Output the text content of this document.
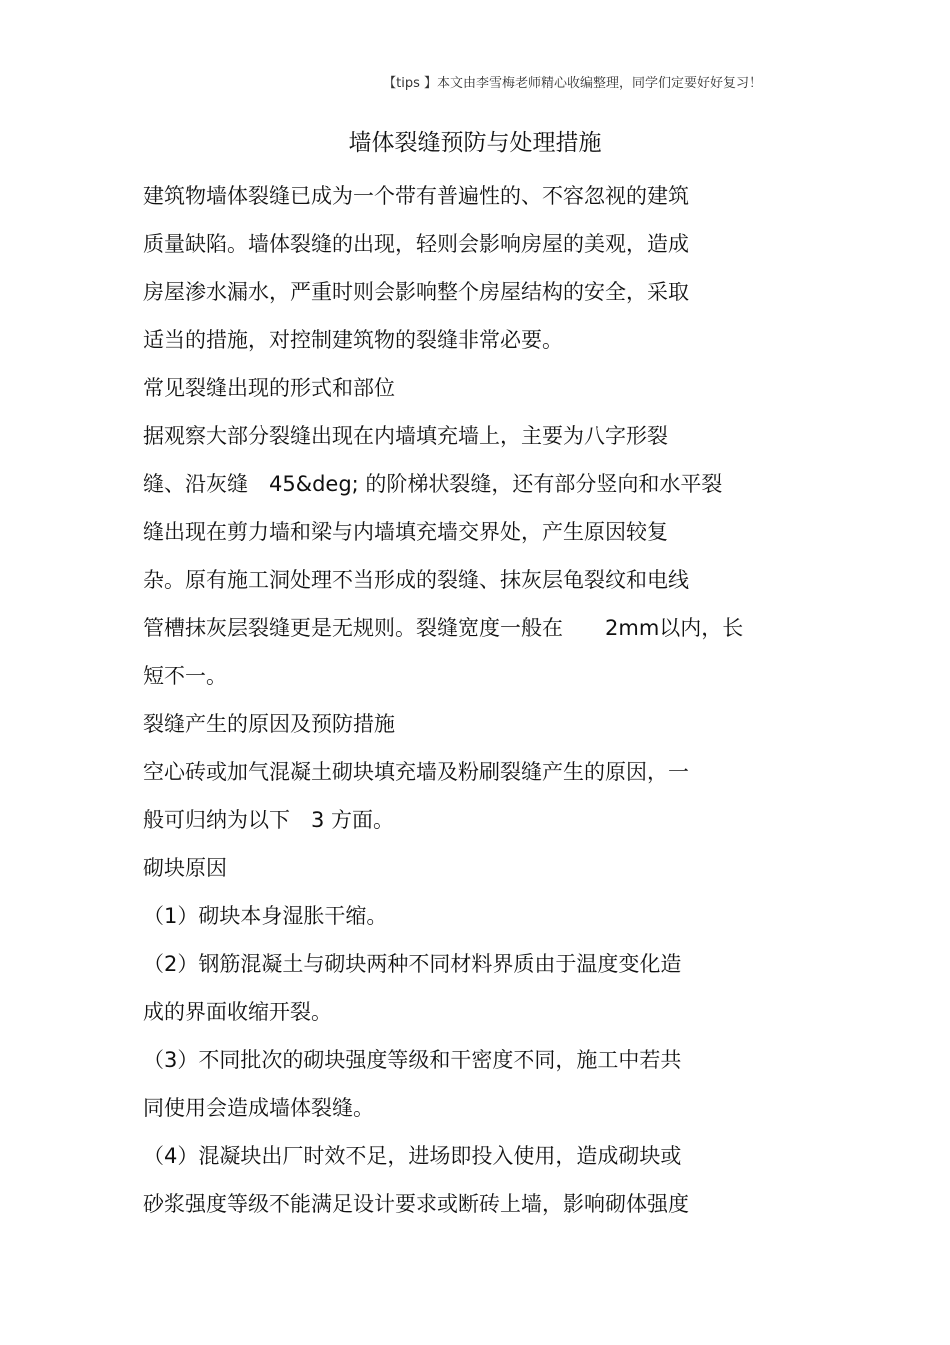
【tips 】本文由李雪梅老师精心收编整理，同学们定要好好复习！
墙体裂缝预防与处理措施
建筑物墙体裂缝已成为一个带有普遍性的、不容忽视的建筑
质量缺陷。墙体裂缝的出现，轻则会影响房屋的美观，造成
房屋渗水漏水，严重时则会影响整个房屋结构的安全，采取
适当的措施，对控制建筑物的裂缝非常必要。
常见裂缝出现的形式和部位
据观察大部分裂缝出现在内墙填充墙上，主要为八字形裂
缝、沿灰缝　45&deg; 的阶梯状裂缝，还有部分竖向和水平裂
缝出现在剪力墙和梁与内墙填充墙交界处，产生原因较复
杂。原有施工洞处理不当形成的裂缝、抹灰层龟裂纹和电线
管槽抹灰层裂缝更是无规则。裂缝宽度一般在　　2mm以内，长
短不一。
裂缝产生的原因及预防措施
空心砖或加气混凝土砌块填充墙及粉刷裂缝产生的原因，一
般可归纳为以下　3 方面。
砌块原因
（1）砌块本身湿胀干缩。
（2）钢筋混凝土与砌块两种不同材料界质由于温度变化造
成的界面收缩开裂。
（3）不同批次的砌块强度等级和干密度不同，施工中若共
同使用会造成墙体裂缝。
（4）混凝块出厂时效不足，进场即投入使用，造成砌块或
砂浆强度等级不能满足设计要求或断砖上墙，影响砌体强度
